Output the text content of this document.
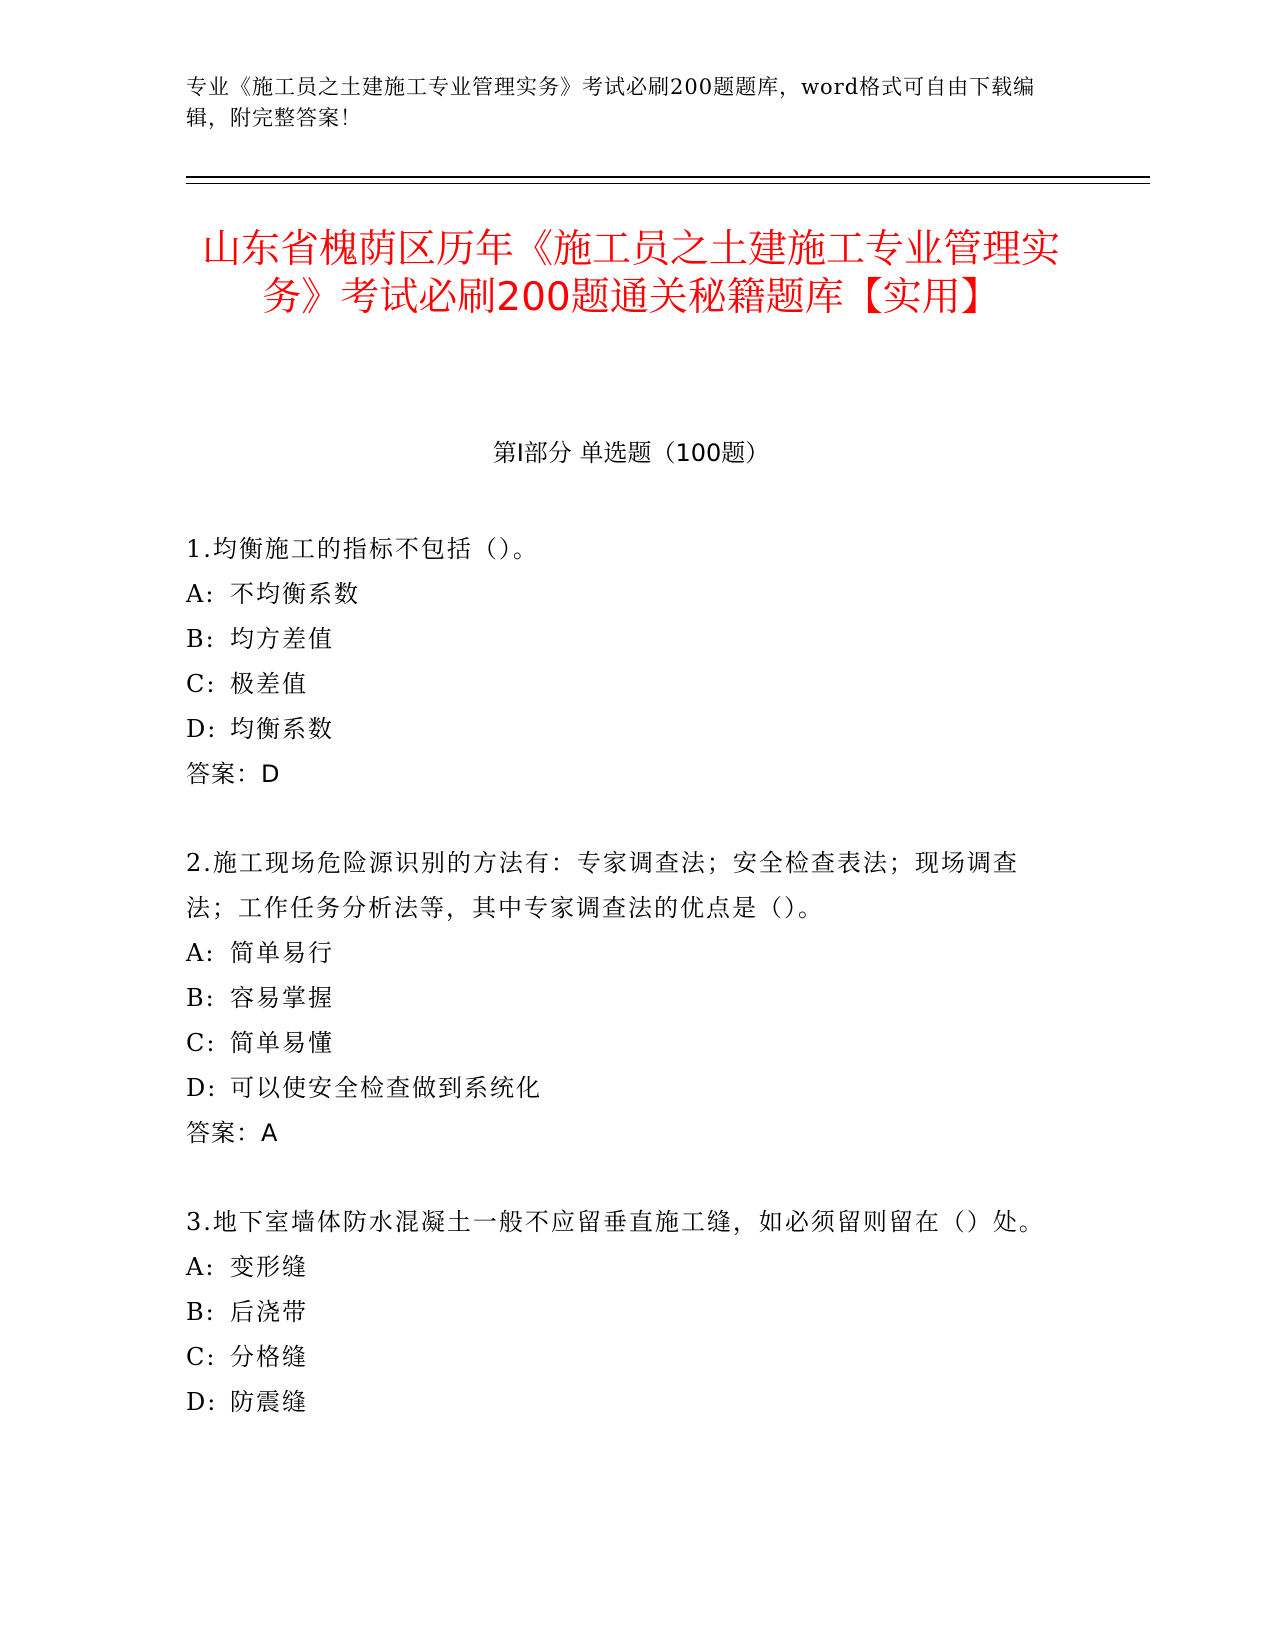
专业《施工员之土建施工专业管理实务》考试必刷200题题库，word格式可自由下载编辑，附完整答案！
山东省槐荫区历年《施工员之土建施工专业管理实务》考试必刷200题通关秘籍题库【实用】
第Ⅰ部分 单选题（100题）

1.均衡施工的指标不包括（）。

A: 不均衡系数

B: 均方差值

C: 极差值

D: 均衡系数

答案：D

2.施工现场危险源识别的方法有：专家调查法；安全检查表法；现场调查法；工作任务分析法等，其中专家调查法的优点是（）。

A: 简单易行

B: 容易掌握

C: 简单易懂

D: 可以使安全检查做到系统化

答案：A

3.地下室墙体防水混凝土一般不应留垂直施工缝，如必须留则留在（）处。

A: 变形缝

B: 后浇带

C: 分格缝

D: 防震缝
